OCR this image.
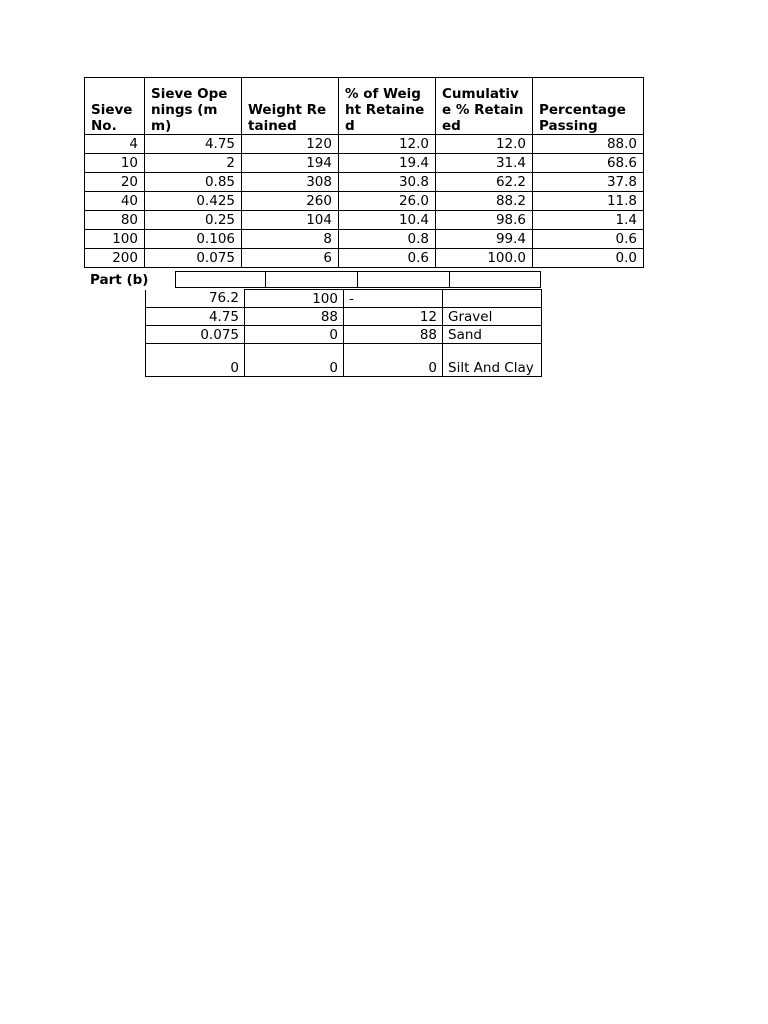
Sieve No.	Sieve Openings (mm)	Weight Retained	% of Weight Retained	Cumulative % Retained	Percentage Passing
4	4.75	120	12.0	12.0	88.0
10	2	194	19.4	31.4	68.6
20	0.85	308	30.8	62.2	37.8
40	0.425	260	26.0	88.2	11.8
80	0.25	104	10.4	98.6	1.4
100	0.106	8	0.8	99.4	0.6
200	0.075	6	0.6	100.0	0.0
Part (b)
76.2	100	-	
4.75	88	12	Gravel
0.075	0	88	Sand
0	0	0	Silt And Clay
